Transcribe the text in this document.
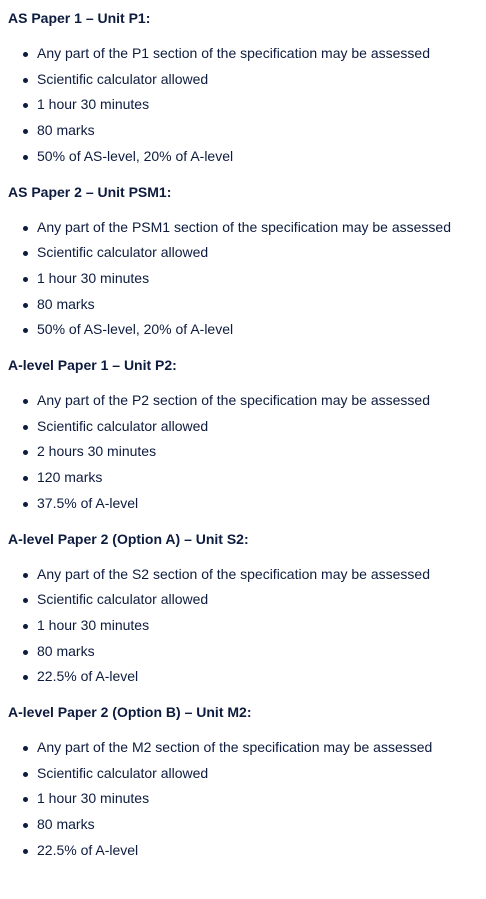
AS Paper 1 – Unit P1:
Any part of the P1 section of the specification may be assessed
Scientific calculator allowed
1 hour 30 minutes
80 marks
50% of AS-level, 20% of A-level
AS Paper 2 – Unit PSM1:
Any part of the PSM1 section of the specification may be assessed
Scientific calculator allowed
1 hour 30 minutes
80 marks
50% of AS-level, 20% of A-level
A-level Paper 1 – Unit P2:
Any part of the P2 section of the specification may be assessed
Scientific calculator allowed
2 hours 30 minutes
120 marks
37.5% of A-level
A-level Paper 2 (Option A) – Unit S2:
Any part of the S2 section of the specification may be assessed
Scientific calculator allowed
1 hour 30 minutes
80 marks
22.5% of A-level
A-level Paper 2 (Option B) – Unit M2:
Any part of the M2 section of the specification may be assessed
Scientific calculator allowed
1 hour 30 minutes
80 marks
22.5% of A-level
